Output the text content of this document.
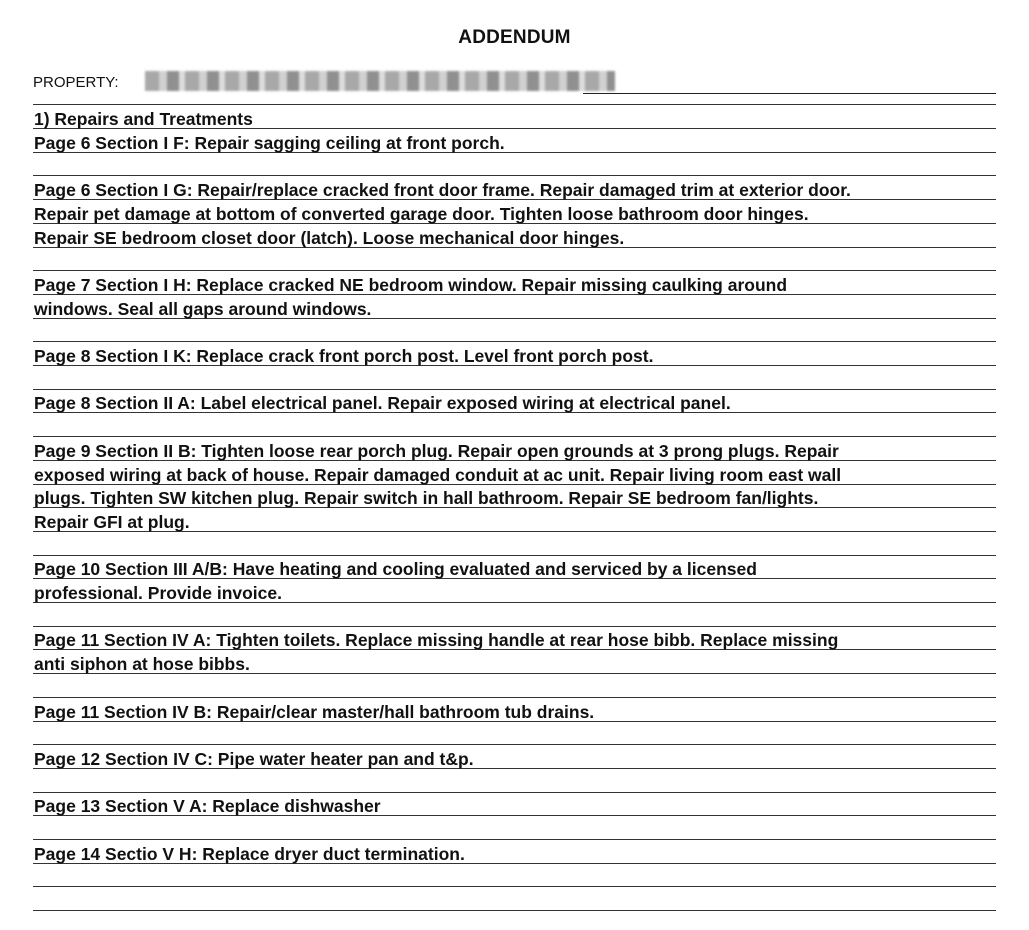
ADDENDUM
PROPERTY:
1) Repairs and Treatments
Page 6 Section I F: Repair sagging ceiling at front porch.
Page 6 Section I G: Repair/replace cracked front door frame. Repair damaged trim at exterior door.
Repair pet damage at bottom of converted garage door. Tighten loose bathroom door hinges.
Repair SE bedroom closet door (latch). Loose mechanical door hinges.
Page 7 Section I H: Replace cracked NE bedroom window. Repair missing caulking around
windows. Seal all gaps around windows.
Page 8 Section I K: Replace crack front porch post. Level front porch post.
Page 8 Section II A: Label electrical panel. Repair exposed wiring at electrical panel.
Page 9 Section II B: Tighten loose rear porch plug. Repair open grounds at 3 prong plugs. Repair
exposed wiring at back of house. Repair damaged conduit at ac unit. Repair living room east wall
plugs. Tighten SW kitchen plug. Repair switch in hall bathroom. Repair SE bedroom fan/lights.
Repair GFI at plug.
Page 10 Section III A/B: Have heating and cooling evaluated and serviced by a licensed
professional. Provide invoice.
Page 11 Section IV A: Tighten toilets. Replace missing handle at rear hose bibb. Replace missing
anti siphon at hose bibbs.
Page 11 Section IV B: Repair/clear master/hall bathroom tub drains.
Page 12 Section IV C: Pipe water heater pan and t&p.
Page 13 Section V A: Replace dishwasher
Page 14 Sectio V H: Replace dryer duct termination.
